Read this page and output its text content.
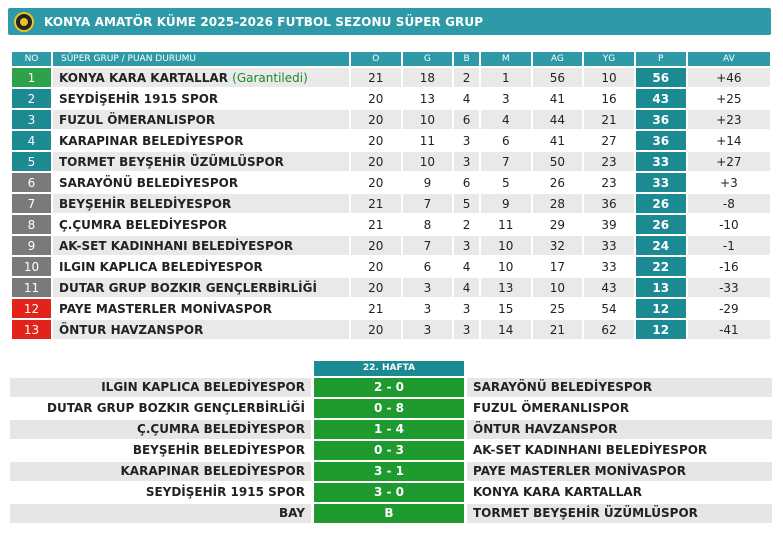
KONYA AMATÖR KÜME 2025-2026 FUTBOL SEZONU SÜPER GRUP
NO	SÜPER GRUP / PUAN DURUMU	O	G	B	M	AG	YG	P	AV
1	KONYA KARA KARTALLAR (Garantiledi)	21	18	2	1	56	10	56	+46
2	SEYDİŞEHİR 1915 SPOR	20	13	4	3	41	16	43	+25
3	FUZUL ÖMERANLISPOR	20	10	6	4	44	21	36	+23
4	KARAPINAR BELEDİYESPOR	20	11	3	6	41	27	36	+14
5	TORMET BEYŞEHİR ÜZÜMLÜSPOR	20	10	3	7	50	23	33	+27
6	SARAYÖNÜ BELEDİYESPOR	20	9	6	5	26	23	33	+3
7	BEYŞEHİR BELEDİYESPOR	21	7	5	9	28	36	26	-8
8	Ç.ÇUMRA BELEDİYESPOR	21	8	2	11	29	39	26	-10
9	AK-SET KADINHANI BELEDİYESPOR	20	7	3	10	32	33	24	-1
10	ILGIN KAPLICA BELEDİYESPOR	20	6	4	10	17	33	22	-16
11	DUTAR GRUP BOZKIR GENÇLERBİRLİĞİ	20	3	4	13	10	43	13	-33
12	PAYE MASTERLER MONİVASPOR	21	3	3	15	25	54	12	-29
13	ÖNTUR HAVZANSPOR	20	3	3	14	21	62	12	-41
22. HAFTA
ILGIN KAPLICA BELEDİYESPOR	2 - 0	SARAYÖNÜ BELEDİYESPOR
DUTAR GRUP BOZKIR GENÇLERBİRLİĞİ	0 - 8	FUZUL ÖMERANLISPOR
Ç.ÇUMRA BELEDİYESPOR	1 - 4	ÖNTUR HAVZANSPOR
BEYŞEHİR BELEDİYESPOR	0 - 3	AK-SET KADINHANI BELEDİYESPOR
KARAPINAR BELEDİYESPOR	3 - 1	PAYE MASTERLER MONİVASPOR
SEYDİŞEHİR 1915 SPOR	3 - 0	KONYA KARA KARTALLAR
BAY	B	TORMET BEYŞEHİR ÜZÜMLÜSPOR
